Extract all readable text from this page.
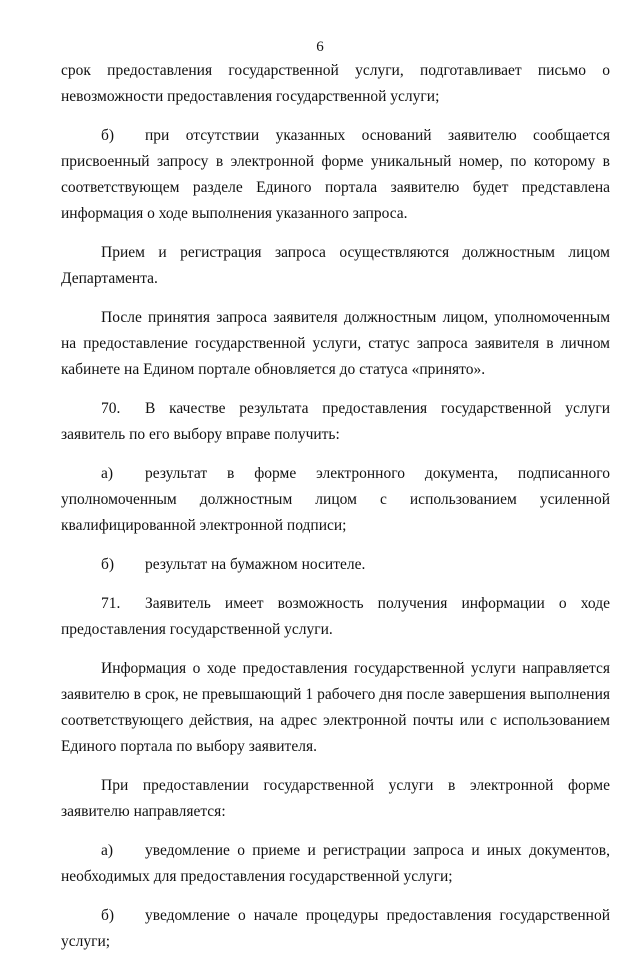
6

срок предоставления государственной услуги, подготавливает письмо о невозможности предоставления государственной услуги;

б) при отсутствии указанных оснований заявителю сообщается присвоенный запросу в электронной форме уникальный номер, по которому в соответствующем разделе Единого портала заявителю будет представлена информация о ходе выполнения указанного запроса.

Прием и регистрация запроса осуществляются должностным лицом Департамента.

После принятия запроса заявителя должностным лицом, уполномоченным на предоставление государственной услуги, статус запроса заявителя в личном кабинете на Едином портале обновляется до статуса «принято».

70. В качестве результата предоставления государственной услуги заявитель по его выбору вправе получить:

а) результат в форме электронного документа, подписанного уполномоченным должностным лицом с использованием усиленной квалифицированной электронной подписи;

б) результат на бумажном носителе.

71. Заявитель имеет возможность получения информации о ходе предоставления государственной услуги.

Информация о ходе предоставления государственной услуги направляется заявителю в срок, не превышающий 1 рабочего дня после завершения выполнения соответствующего действия, на адрес электронной почты или с использованием Единого портала по выбору заявителя.

При предоставлении государственной услуги в электронной форме заявителю направляется:

а) уведомление о приеме и регистрации запроса и иных документов, необходимых для предоставления государственной услуги;

б) уведомление о начале процедуры предоставления государственной услуги;
